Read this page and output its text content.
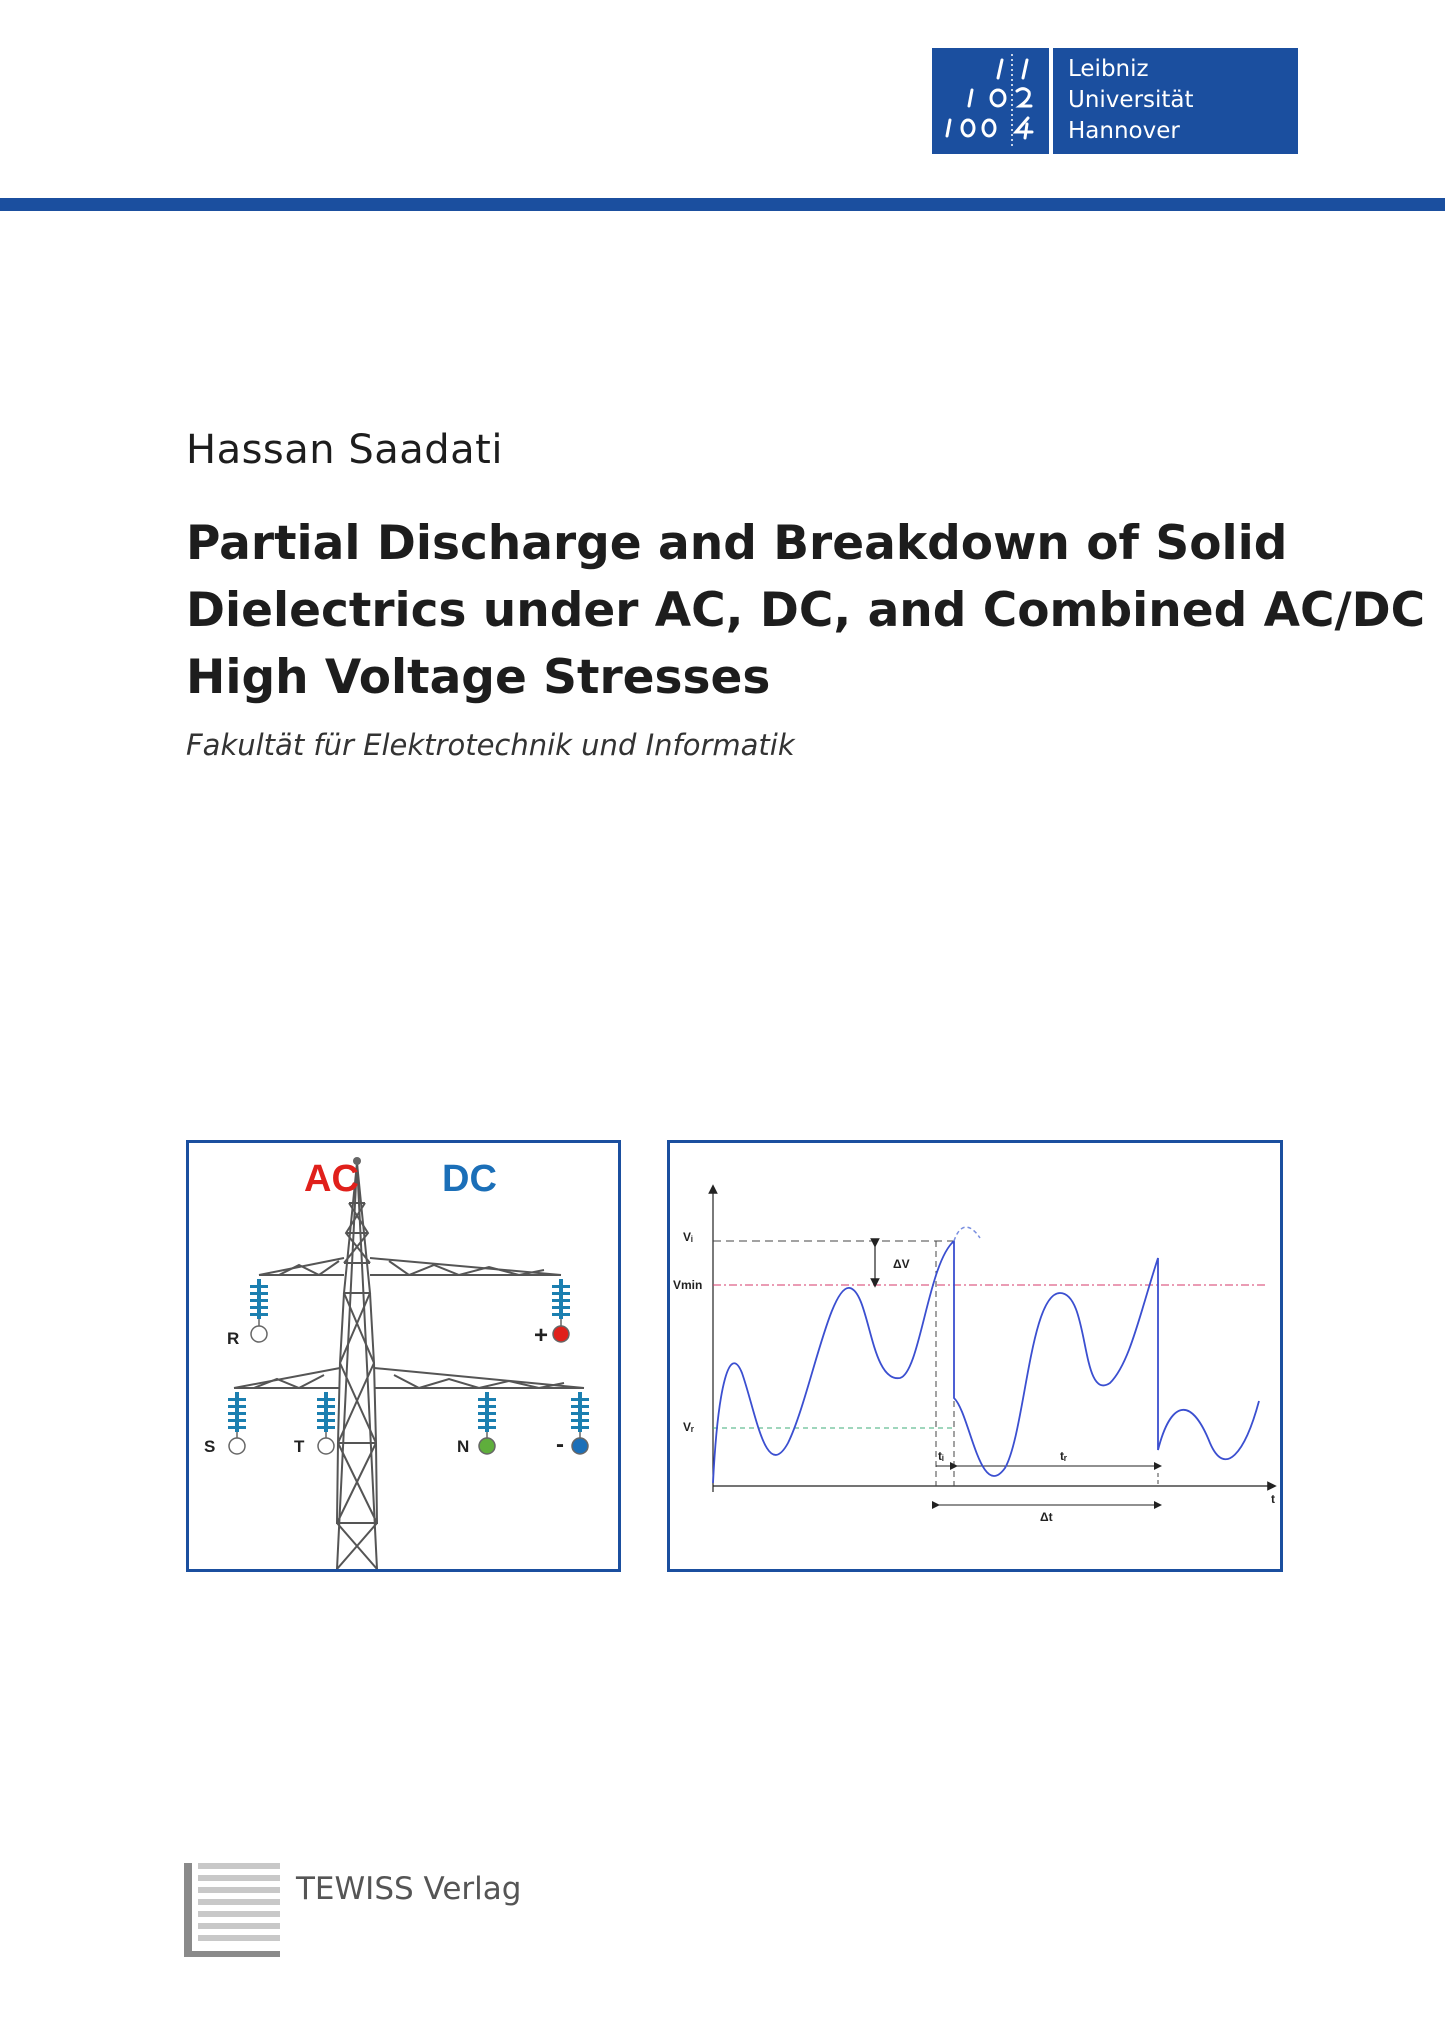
Leibniz
Universität
Hannover
Hassan Saadati
Partial Discharge and Breakdown of Solid
Dielectrics under AC, DC, and Combined AC/DC
High Voltage Stresses
Fakultät für Elektrotechnik und Informatik
AC DC
R	+
S	T	N	-
Vᵢ
ΔV
Vmin
Vᵣ
tᵢ	tᵣ
Δt
t
TEWISS Verlag
